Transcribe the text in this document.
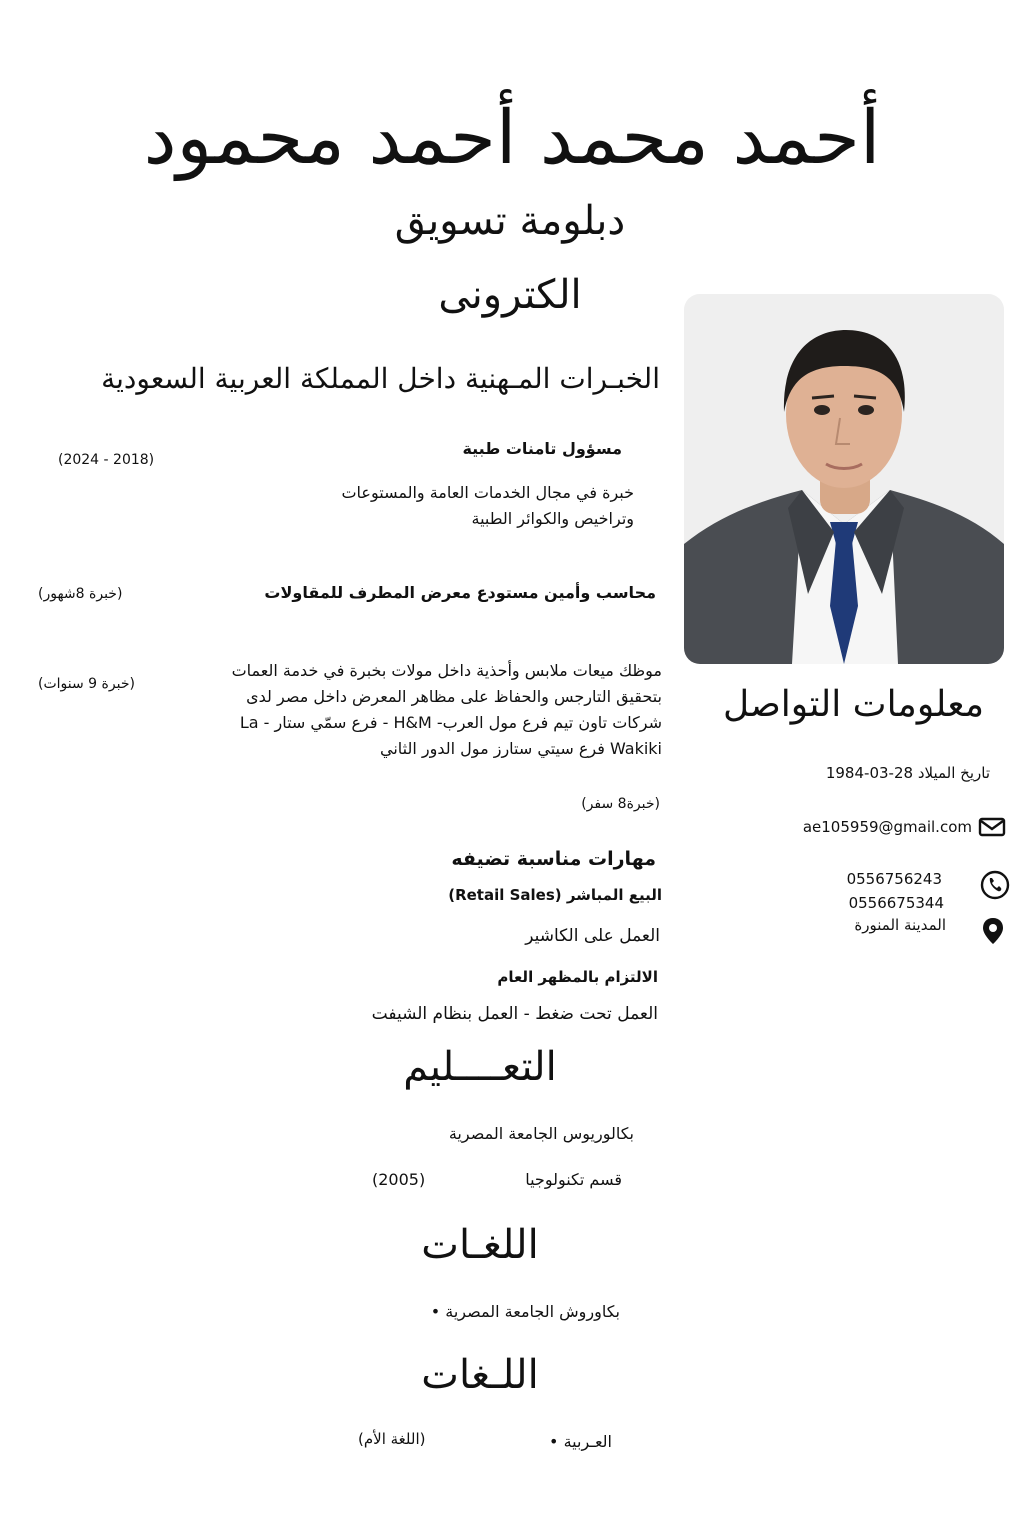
أحمد محمد أحمد محمود
دبلومة تسويق
الكترونى
الخبـرات المـهنية داخل المملكة العربية السعودية
مسؤول تامنات طبية
(2024 - 2018)
خبرة في مجال الخدمات العامة والمستوعات وتراخيص والكوائر الطبية
محاسب وأمين مستودع معرض المطرف للمقاولات
(خبرة 8شهور)
موظك ميعات ملابس وأحذية داخل مولات بخبرة في خدمة العمات بتحقيق التارجس والحفاظ على مظاهر المعرض داخل مصر لدى شركات تاون تيم فرع مول العرب- H&M - فرع سمّي ستار - La Wakiki فرع سيتي ستارز مول الدور الثاني
(خبرة8 سفر)
(خبرة 9 سنوات)
مهارات مناسبة تضيفه
البيع المباشر (Retail Sales)
العمل على الكاشير
الالتزام بالمظهر العام
العمل تحت ضغط - العمل بنظام الشيفت
التعــــليم
بكالوريوس الجامعة المصرية
قسم تكنولوجيا
(2005)
اللغـات
بكاوروش الجامعة المصرية •
اللـغات
العـربية •
(اللغة الأم)
معلومات التواصل
تاريخ الميلاد 28-03-1984
ae105959@gmail.com
0556756243
0556675344
المدينة المنورة
